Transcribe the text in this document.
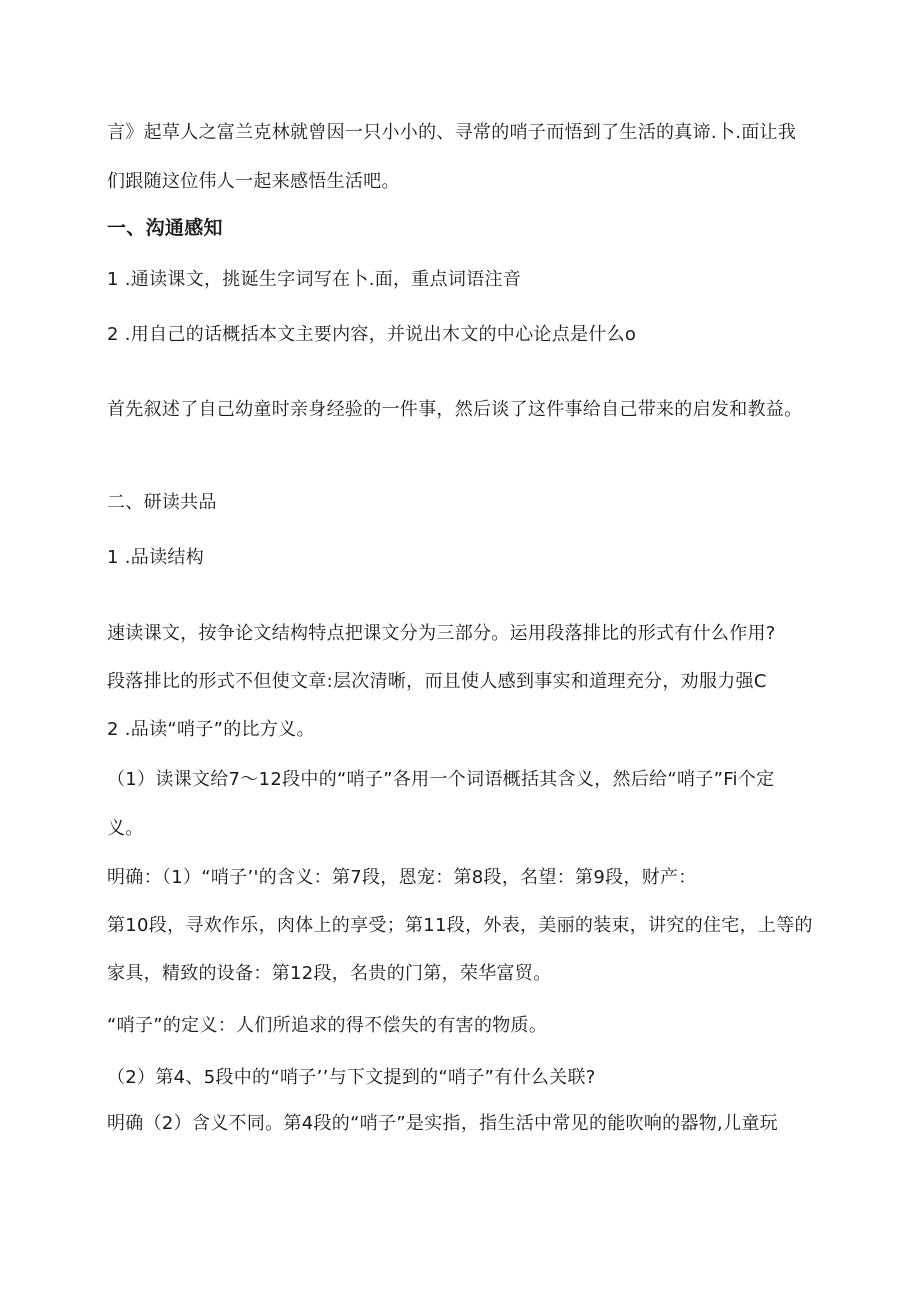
言》起草人之富兰克林就曾因一只小小的、寻常的哨子而悟到了生活的真谛.卜.面让我
们跟随这位伟人一起来感悟生活吧。
一、沟通感知
1 .通读课文，挑诞生字词写在卜.面，重点词语注音
2 .用自己的话概括本文主要内容，并说出木文的中心论点是什么o
首先叙述了自己幼童时亲身经验的一件事，然后谈了这件事给自己带来的启发和教益。
二、研读共品
1 .品读结构
速读课文，按争论文结构特点把课文分为三部分。运用段落排比的形式有什么作用?
段落排比的形式不但使文章:层次清晰，而且使人感到事实和道理充分，劝服力强C
2 .品读“哨子”的比方义。
（1）读课文给7〜12段中的“哨子”各用一个词语概括其含义，然后给“哨子”Fi个定
义。
明确：（1）“哨子’'的含义：第7段，恩宠：第8段，名望：第9段，财产：
第10段，寻欢作乐，肉体上的享受；第11段，外表，美丽的装束，讲究的住宅，上等的
家具，精致的设备：第12段，名贵的门第，荣华富贸。
“哨子”的定义：人们所追求的得不偿失的有害的物质。
（2）第4、5段中的“哨子’’与下文提到的“哨子”有什么关联?
明确（2）含义不同。第4段的“哨子”是实指，指生活中常见的能吹响的器物,儿童玩
